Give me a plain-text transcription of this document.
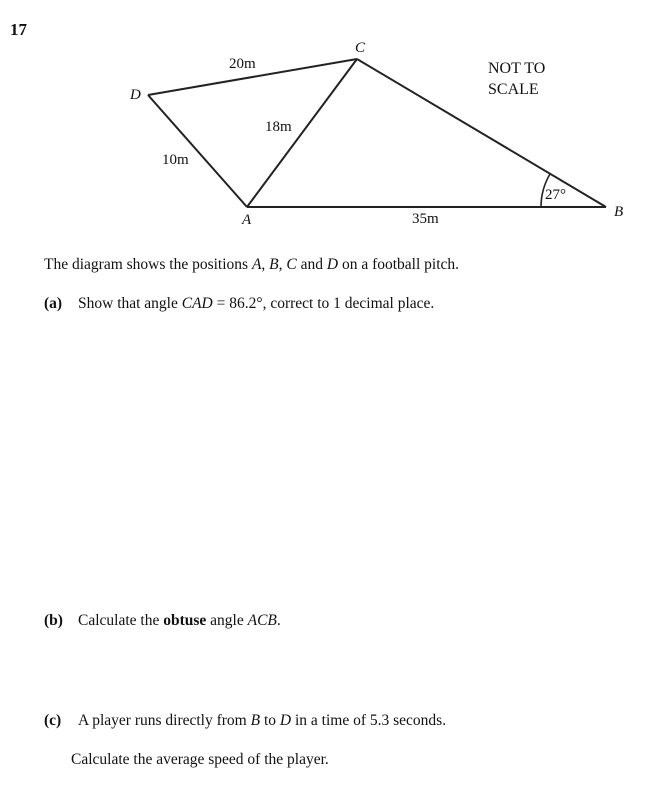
17
C
D
A	B
20m
18m
10m
35m
27°
NOT TO
SCALE
The diagram shows the positions A, B, C and D on a football pitch.
(a) Show that angle CAD = 86.2°, correct to 1 decimal place.
(b) Calculate the obtuse angle ACB.
(c) A player runs directly from B to D in a time of 5.3 seconds.
Calculate the average speed of the player.
